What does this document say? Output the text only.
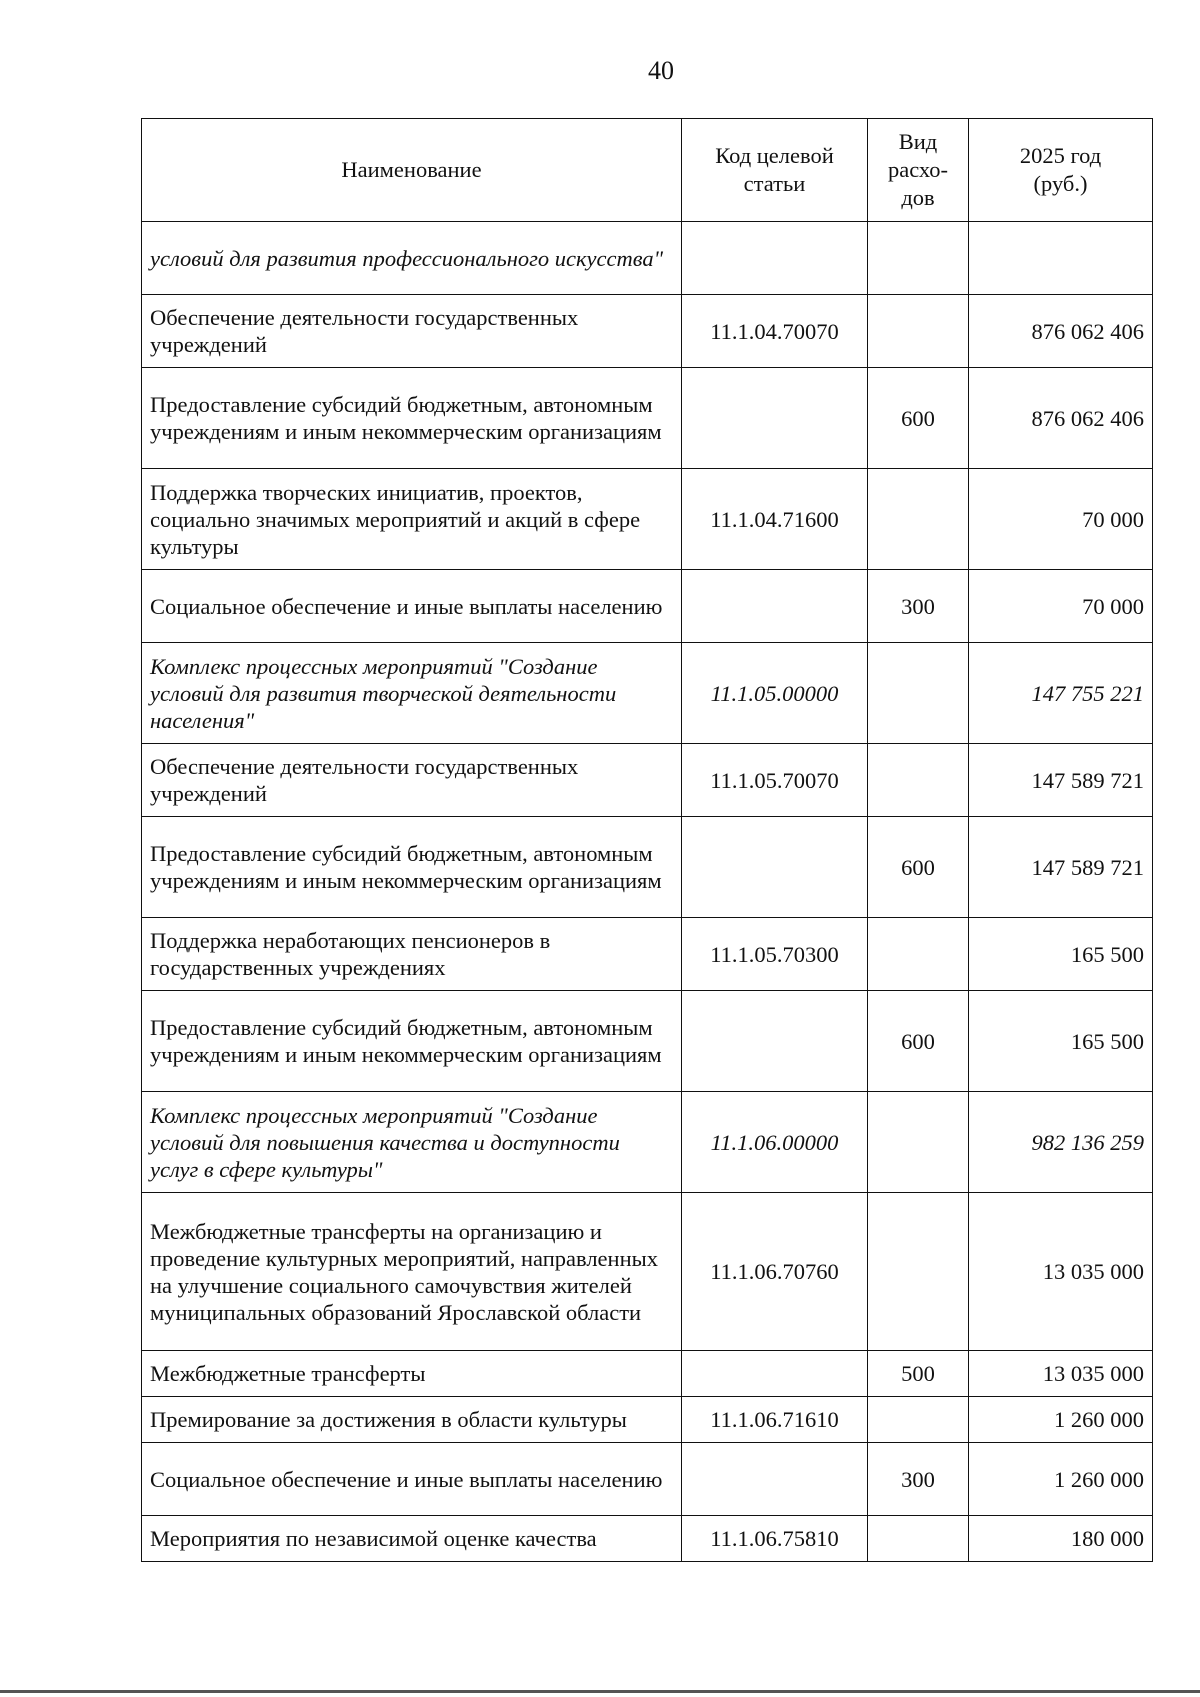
40
Наименование	Код целевой статьи	Вид расхо-дов	2025 год (руб.)
условий для развития профессионального искусства"			
Обеспечение деятельности государственных учреждений	11.1.04.70070		876 062 406
Предоставление субсидий бюджетным, автономным учреждениям и иным некоммерческим организациям		600	876 062 406
Поддержка творческих инициатив, проектов, социально значимых мероприятий и акций в сфере культуры	11.1.04.71600		70 000
Социальное обеспечение и иные выплаты населению		300	70 000
Комплекс процессных мероприятий "Создание условий для развития творческой деятельности населения"	11.1.05.00000		147 755 221
Обеспечение деятельности государственных учреждений	11.1.05.70070		147 589 721
Предоставление субсидий бюджетным, автономным учреждениям и иным некоммерческим организациям		600	147 589 721
Поддержка неработающих пенсионеров в государственных учреждениях	11.1.05.70300		165 500
Предоставление субсидий бюджетным, автономным учреждениям и иным некоммерческим организациям		600	165 500
Комплекс процессных мероприятий "Создание условий для повышения качества и доступности услуг в сфере культуры"	11.1.06.00000		982 136 259
Межбюджетные трансферты на организацию и проведение культурных мероприятий, направленных на улучшение социального самочувствия жителей муниципальных образований Ярославской области	11.1.06.70760		13 035 000
Межбюджетные трансферты		500	13 035 000
Премирование за достижения в области культуры	11.1.06.71610		1 260 000
Социальное обеспечение и иные выплаты населению		300	1 260 000
Мероприятия по независимой оценке качества	11.1.06.75810		180 000
